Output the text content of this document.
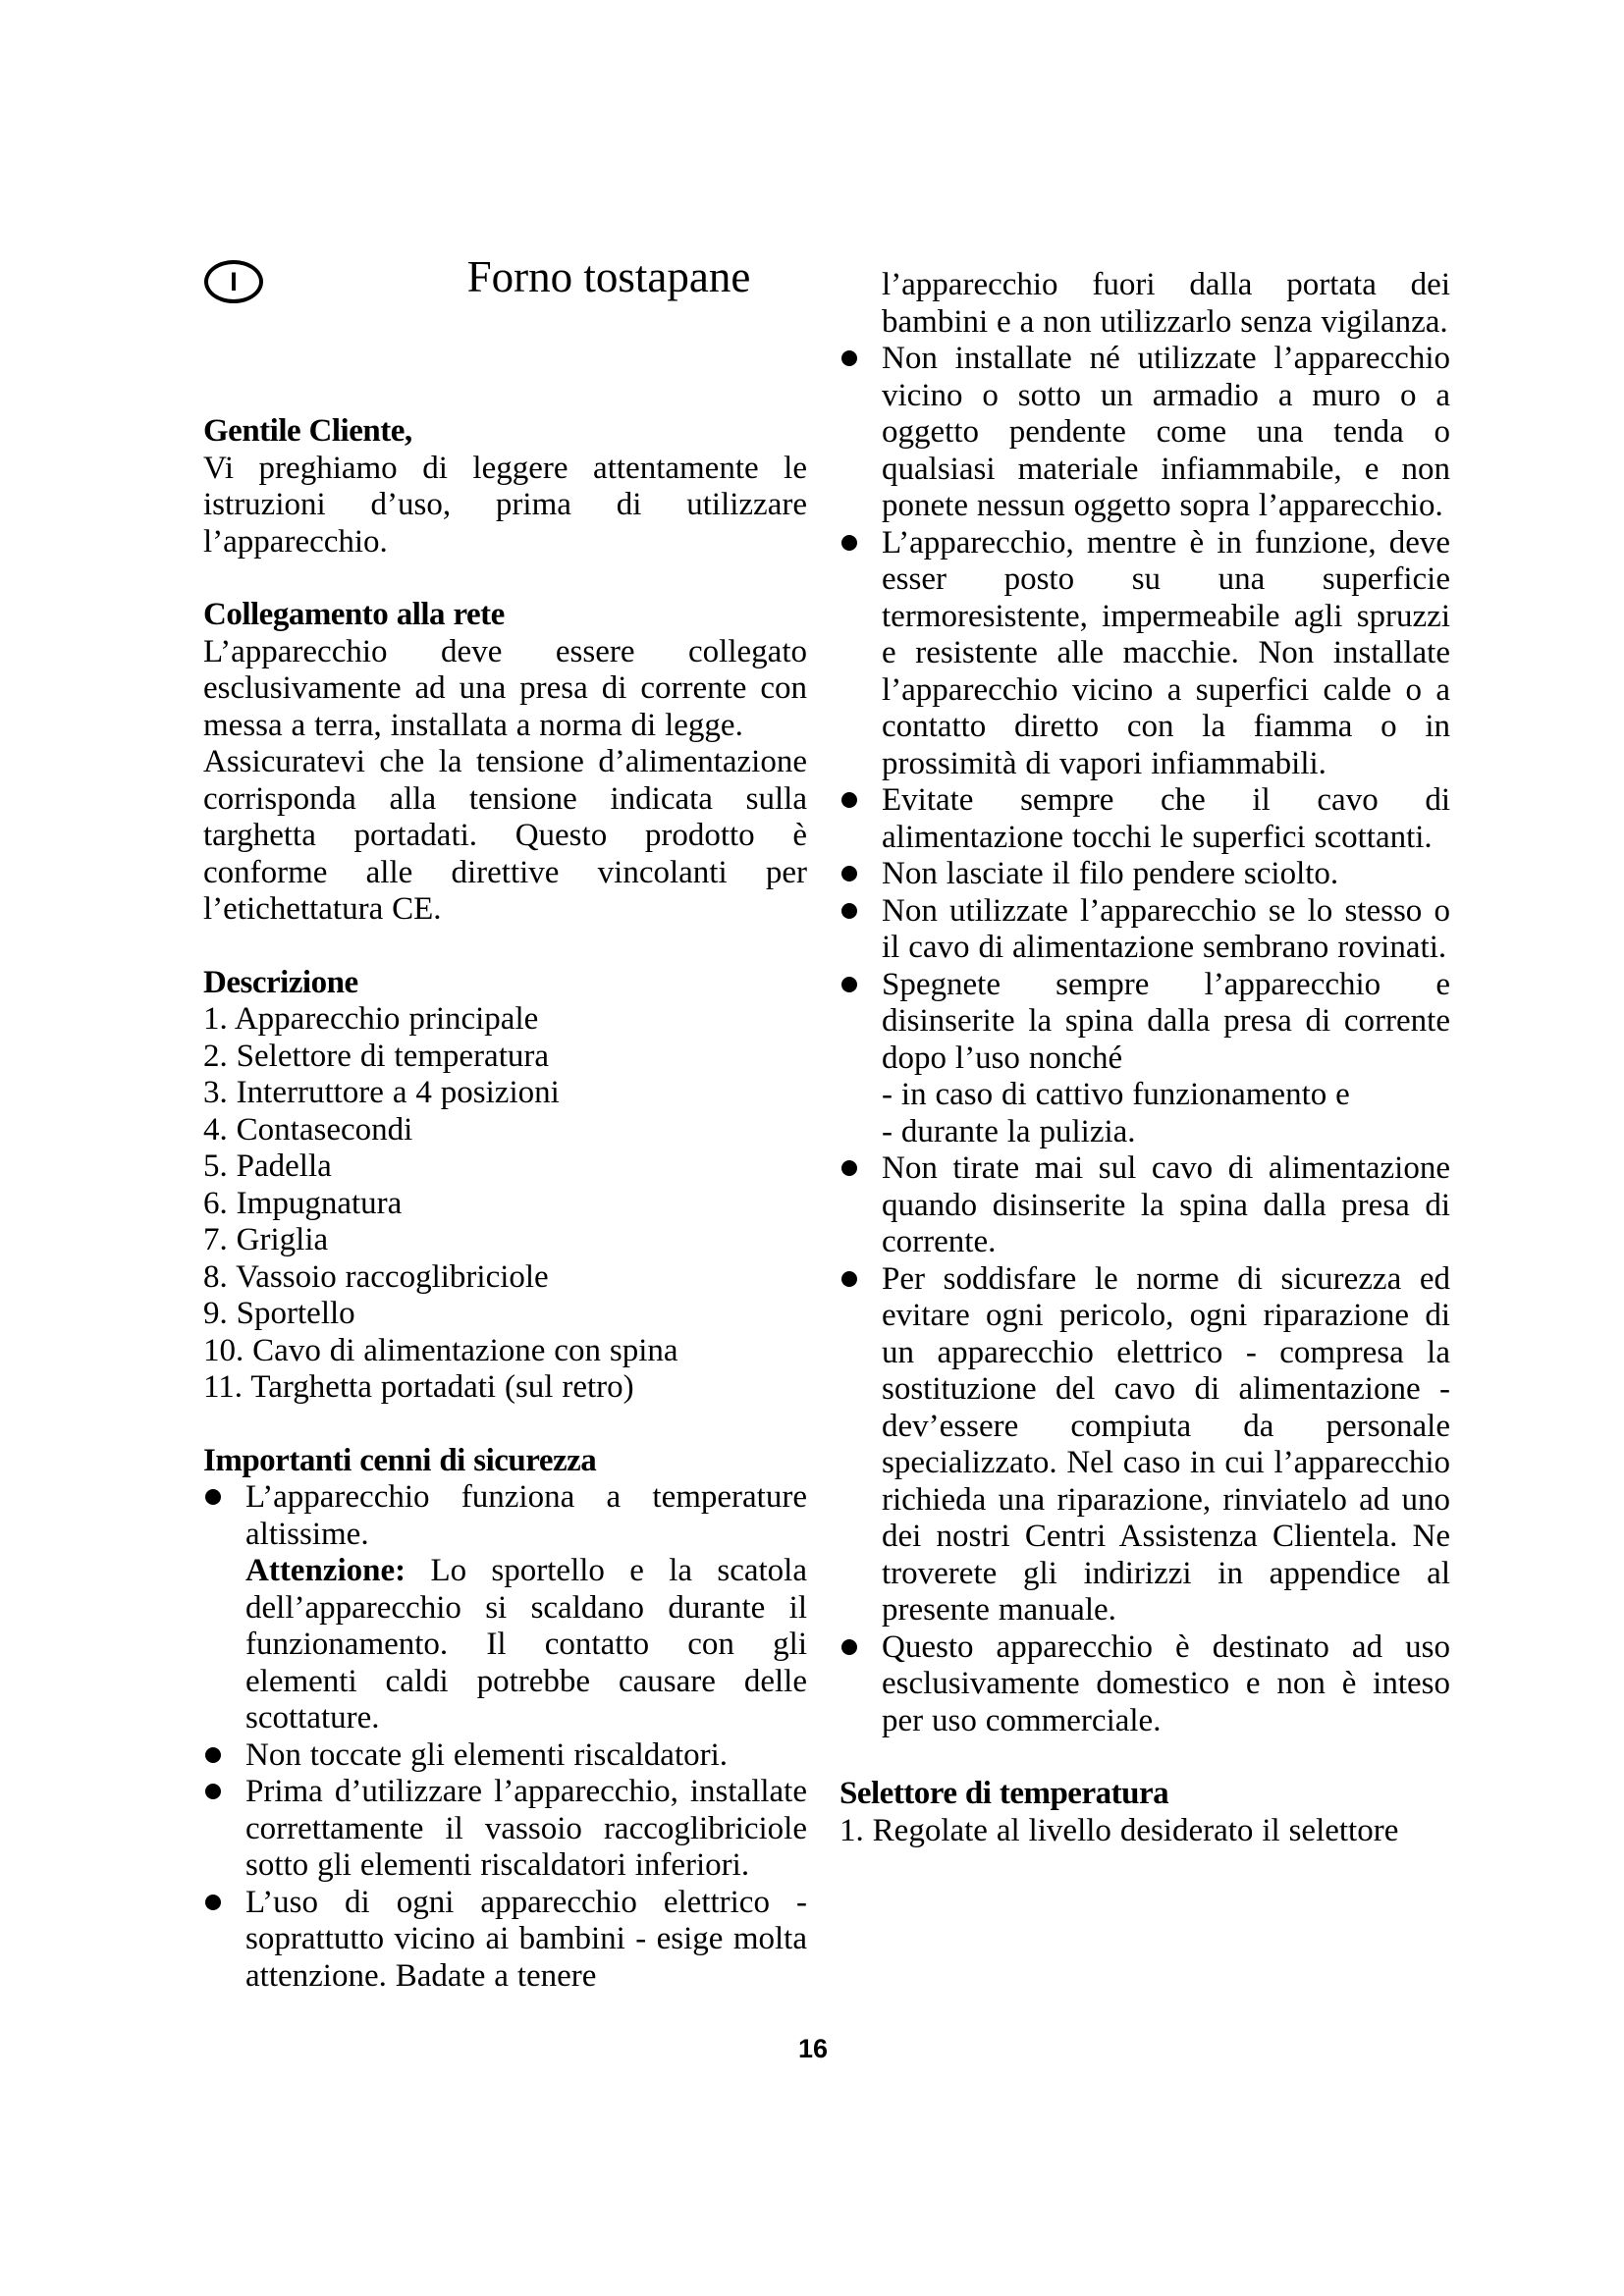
I	Forno tostapane
Gentile Cliente,

Vi preghiamo di leggere attentamente le istruzioni d’uso, prima di utilizzare l’apparecchio.

Collegamento alla rete

L’apparecchio deve essere collegato esclusivamente ad una presa di corrente con messa a terra, installata a norma di legge.

Assicuratevi che la tensione d’alimentazione corrisponda alla tensione indicata sulla targhetta portadati. Questo prodotto è conforme alle direttive vincolanti per l’etichettatura CE.

Descrizione
1. Apparecchio principale
2. Selettore di temperatura
3. Interruttore a 4 posizioni
4. Contasecondi
5. Padella
6. Impugnatura
7. Griglia
8. Vassoio raccoglibriciole
9. Sportello
10. Cavo di alimentazione con spina
11. Targhetta portadati (sul retro)
Importanti cenni di sicurezza

L’apparecchio funziona a temperature altissime.

Attenzione: Lo sportello e la scatola dell’apparecchio si scaldano durante il funzionamento. Il contatto con gli elementi caldi potrebbe causare delle scottature.

Non toccate gli elementi riscaldatori.

Prima d’utilizzare l’apparecchio, installate correttamente il vassoio raccoglibriciole sotto gli elementi riscaldatori inferiori.

L’uso di ogni apparecchio elettrico - soprattutto vicino ai bambini - esige molta attenzione. Badate a tenere

l’apparecchio fuori dalla portata dei bambini e a non utilizzarlo senza vigilanza.

Non installate né utilizzate l’apparecchio vicino o sotto un armadio a muro o a oggetto pendente come una tenda o qualsiasi materiale infiammabile, e non ponete nessun oggetto sopra l’apparecchio.

L’apparecchio, mentre è in funzione, deve esser posto su una superficie termoresistente, impermeabile agli spruzzi e resistente alle macchie. Non installate l’apparecchio vicino a superfici calde o a contatto diretto con la fiamma o in prossimità di vapori infiammabili.

Evitate sempre che il cavo di alimentazione tocchi le superfici scottanti.

Non lasciate il filo pendere sciolto.

Non utilizzate l’apparecchio se lo stesso o il cavo di alimentazione sembrano rovinati.

Spegnete sempre l’apparecchio e disinserite la spina dalla presa di corrente dopo l’uso nonché

- in caso di cattivo funzionamento e
- durante la pulizia.

Non tirate mai sul cavo di alimentazione quando disinserite la spina dalla presa di corrente.

Per soddisfare le norme di sicurezza ed evitare ogni pericolo, ogni riparazione di un apparecchio elettrico - compresa la sostituzione del cavo di alimentazione - dev’essere compiuta da personale specializzato. Nel caso in cui l’apparecchio richieda una riparazione, rinviatelo ad uno dei nostri Centri Assistenza Clientela. Ne troverete gli indirizzi in appendice al presente manuale.

Questo apparecchio è destinato ad uso esclusivamente domestico e non è inteso per uso commerciale.

Selettore di temperatura

1. Regolate al livello desiderato il selettore

16
